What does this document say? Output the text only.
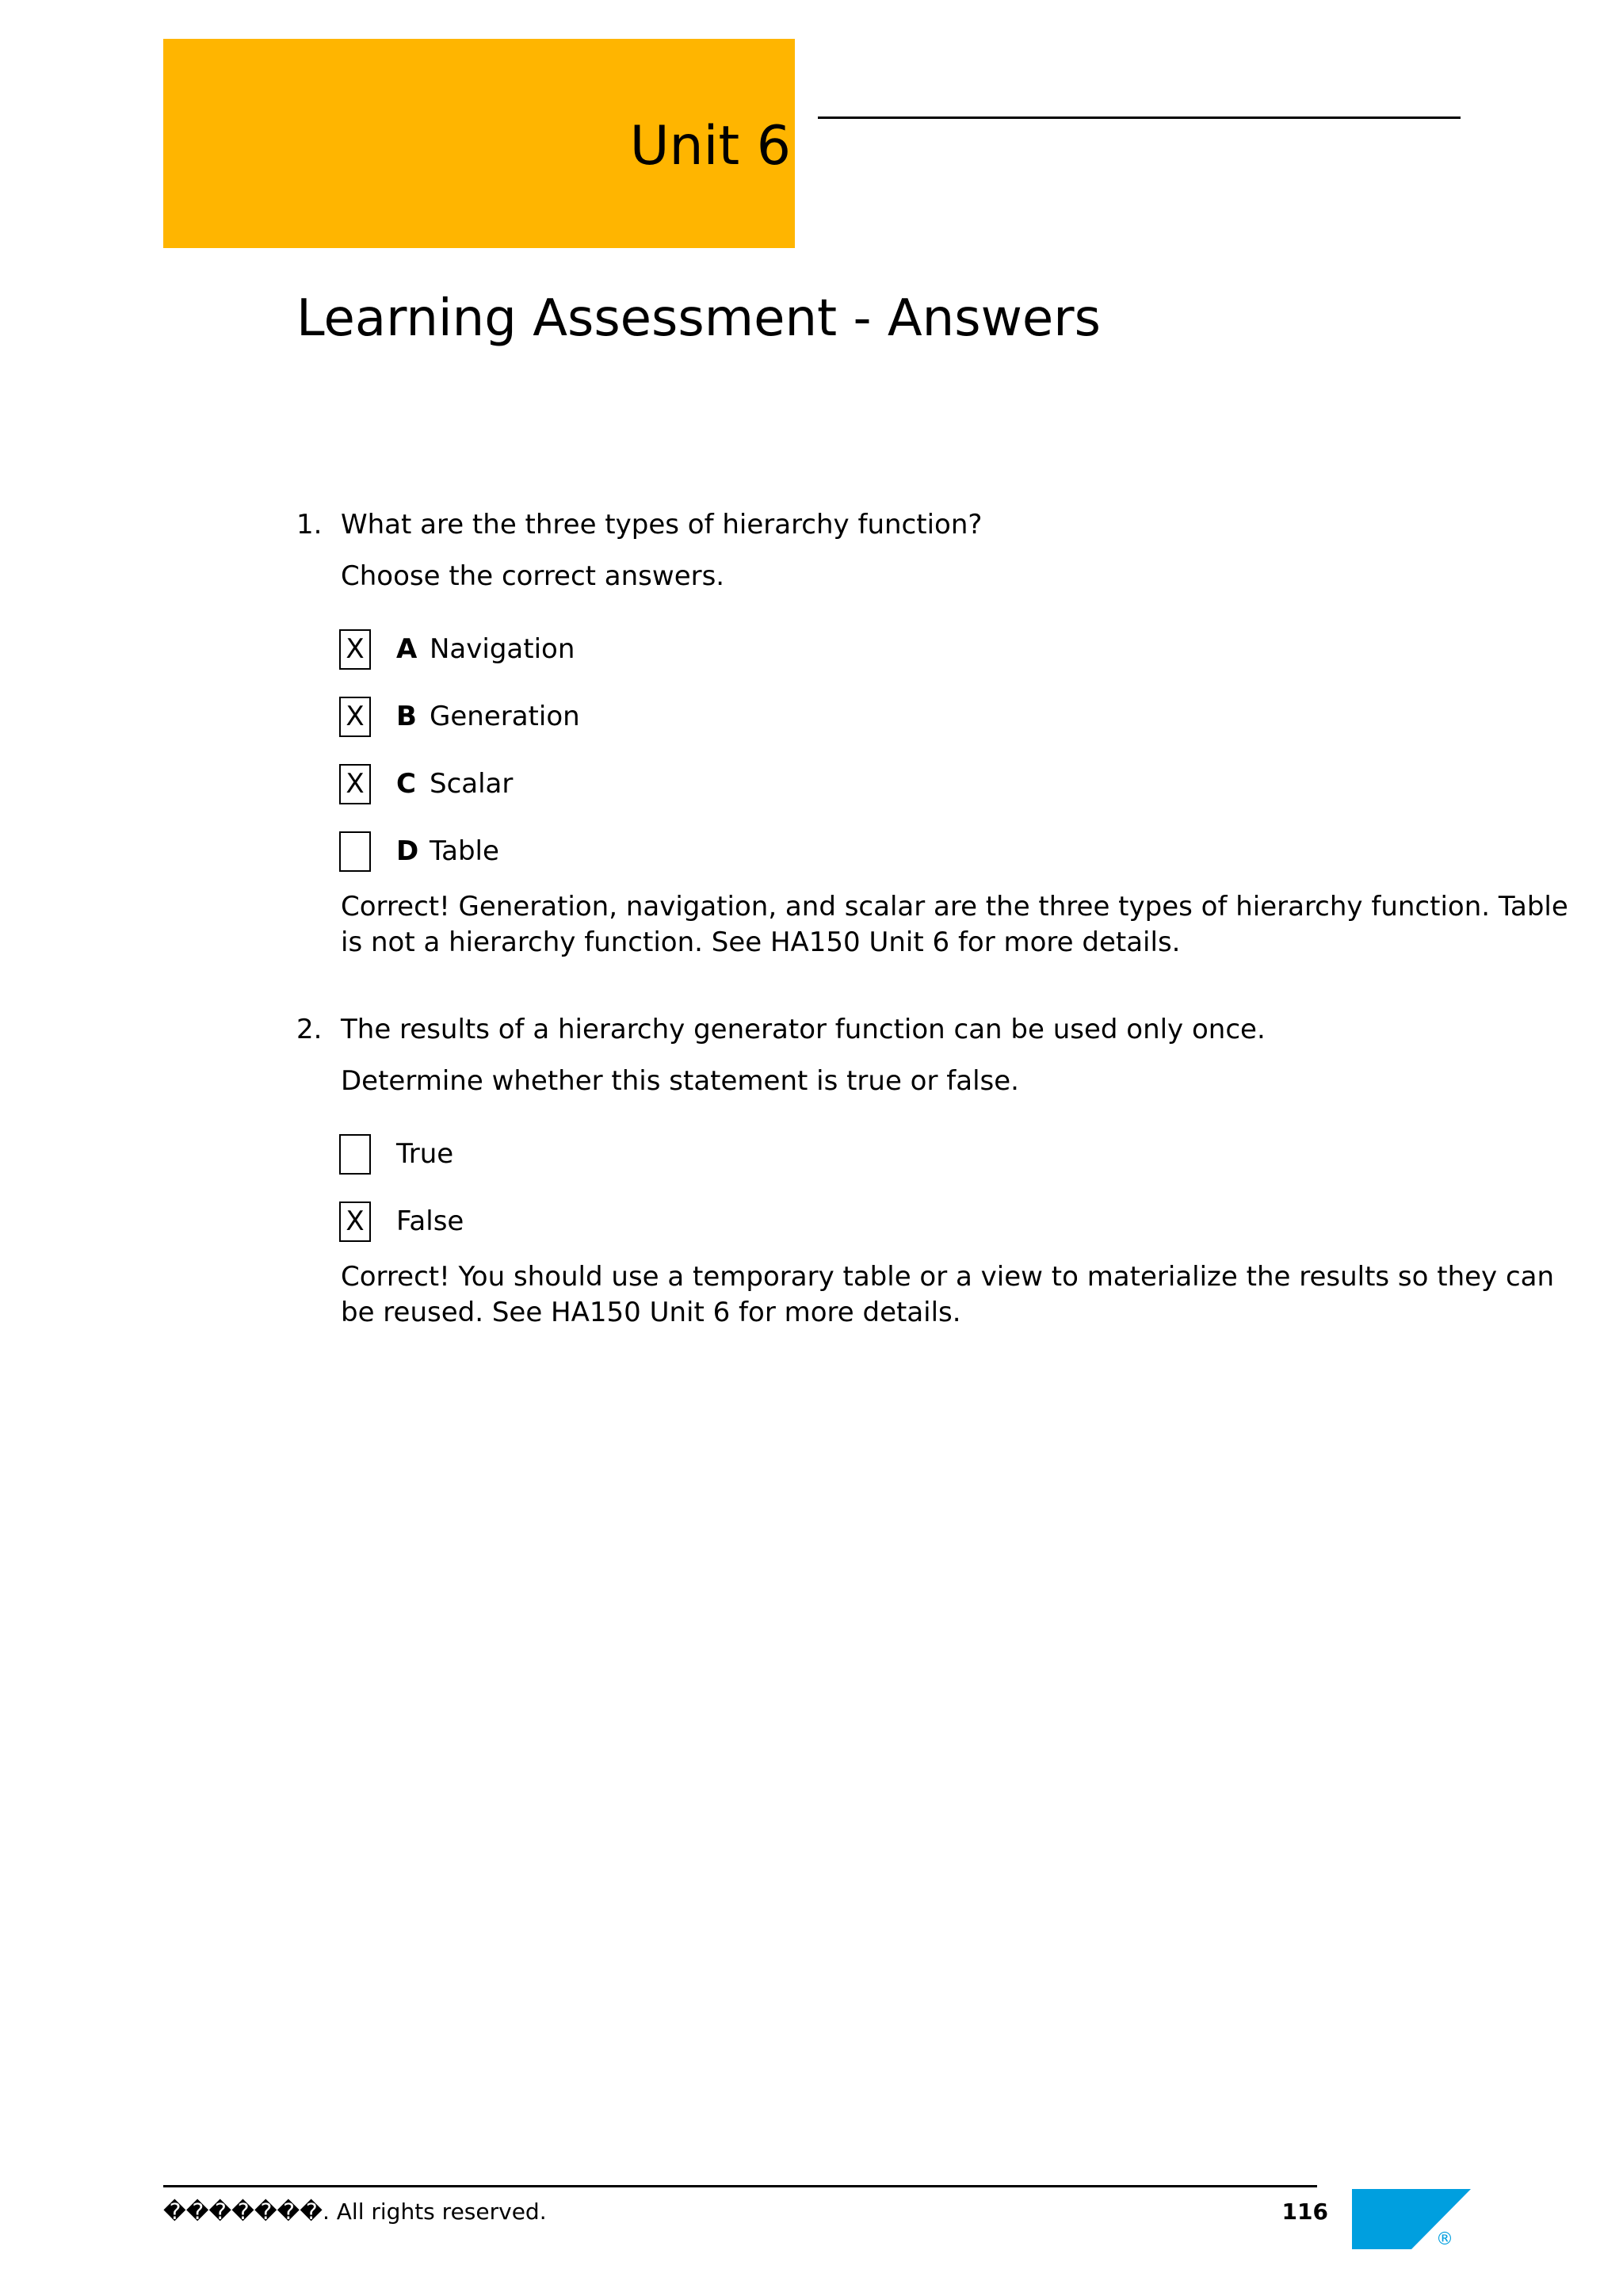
Unit 6
Learning Assessment - Answers
1. What are the three types of hierarchy function?
Choose the correct answers.
X A Navigation
X B Generation
X C Scalar
D Table
Correct! Generation, navigation, and scalar are the three types of hierarchy function. Table is not a hierarchy function. See HA150 Unit 6 for more details.
2. The results of a hierarchy generator function can be used only once.
Determine whether this statement is true or false.
True
X False
Correct! You should use a temporary table or a view to materialize the results so they can be reused. See HA150 Unit 6 for more details.
�������. All rights reserved.	116
®
